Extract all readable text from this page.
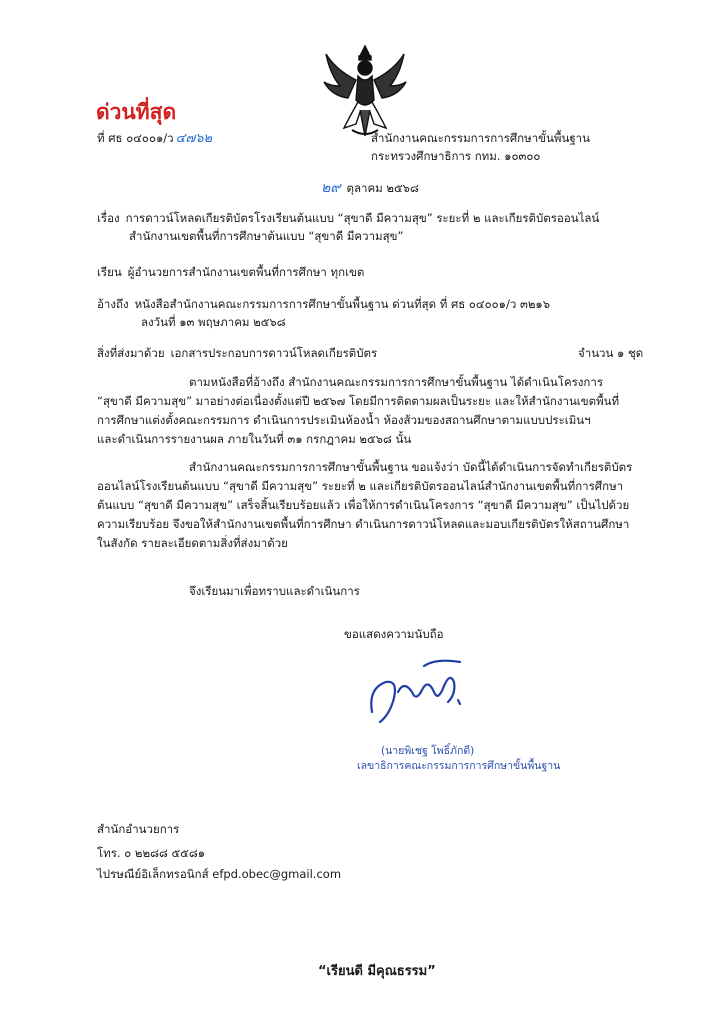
ด่วนที่สุด
ที่ ศธ ๐๔๐๐๑/ว ๔๗๖๒	สำนักงานคณะกรรมการการศึกษาขั้นพื้นฐาน
กระทรวงศึกษาธิการ กทม. ๑๐๓๐๐
๒๙ ตุลาคม ๒๕๖๘
เรื่อง การดาวน์โหลดเกียรติบัตรโรงเรียนต้นแบบ “สุขาดี มีความสุข” ระยะที่ ๒ และเกียรติบัตรออนไลน์
สำนักงานเขตพื้นที่การศึกษาต้นแบบ “สุขาดี มีความสุข”
เรียน ผู้อำนวยการสำนักงานเขตพื้นที่การศึกษา ทุกเขต
อ้างถึง หนังสือสำนักงานคณะกรรมการการศึกษาขั้นพื้นฐาน ด่วนที่สุด ที่ ศธ ๐๔๐๐๑/ว ๓๒๑๖
ลงวันที่ ๑๓ พฤษภาคม ๒๕๖๘
สิ่งที่ส่งมาด้วย เอกสารประกอบการดาวน์โหลดเกียรติบัตร	จำนวน ๑ ชุด
ตามหนังสือที่อ้างถึง สำนักงานคณะกรรมการการศึกษาขั้นพื้นฐาน ได้ดำเนินโครงการ
“สุขาดี มีความสุข” มาอย่างต่อเนื่องตั้งแต่ปี ๒๕๖๗ โดยมีการติดตามผลเป็นระยะ และให้สำนักงานเขตพื้นที่
การศึกษาแต่งตั้งคณะกรรมการ ดำเนินการประเมินห้องน้ำ ห้องส้วมของสถานศึกษาตามแบบประเมินฯ
และดำเนินการรายงานผล ภายในวันที่ ๓๑ กรกฎาคม ๒๕๖๘ นั้น
สำนักงานคณะกรรมการการศึกษาขั้นพื้นฐาน ขอแจ้งว่า บัดนี้ได้ดำเนินการจัดทำเกียรติบัตร
ออนไลน์โรงเรียนต้นแบบ “สุขาดี มีความสุข” ระยะที่ ๒ และเกียรติบัตรออนไลน์สำนักงานเขตพื้นที่การศึกษา
ต้นแบบ “สุขาดี มีความสุข” เสร็จสิ้นเรียบร้อยแล้ว เพื่อให้การดำเนินโครงการ “สุขาดี มีความสุข” เป็นไปด้วย
ความเรียบร้อย จึงขอให้สำนักงานเขตพื้นที่การศึกษา ดำเนินการดาวน์โหลดและมอบเกียรติบัตรให้สถานศึกษา
ในสังกัด รายละเอียดตามสิ่งที่ส่งมาด้วย
จึงเรียนมาเพื่อทราบและดำเนินการ
ขอแสดงความนับถือ
(นายพิเชฐ โพธิ์ภักดี)
เลขาธิการคณะกรรมการการศึกษาขั้นพื้นฐาน
สำนักอำนวยการ
โทร. ๐ ๒๒๘๘ ๕๕๘๑
ไปรษณีย์อิเล็กทรอนิกส์ efpd.obec@gmail.com
“เรียนดี มีคุณธรรม”
